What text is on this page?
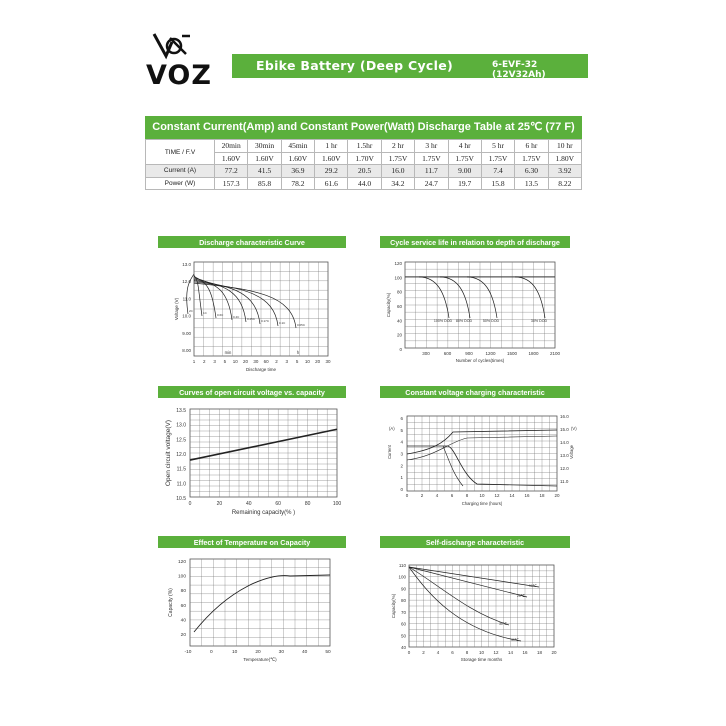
VOZ	Ebike Battery (Deep Cycle)	6-EVF-32 (12V32Ah)
Constant Current(Amp) and Constant Power(Watt) Discharge Table at 25℃ (77 F)
TIME / F.V	20min	30min	45min	1 hr	1.5hr	2 hr	3 hr	4 hr	5 hr	6 hr	10 hr
	1.60V	1.60V	1.60V	1.60V	1.70V	1.75V	1.75V	1.75V	1.75V	1.75V	1.80V
Current (A)	77.2	41.5	36.9	29.2	20.5	16.0	11.7	9.00	7.4	6.30	3.92
Power (W)	157.3	85.8	78.2	61.6	44.0	34.2	24.7	19.7	15.8	13.5	8.22
Discharge characteristic Curve
13.0
12.0
11.0
10.0
9.00
8.00
Voltage (V)
1 2 3 5 10 20 30 60 2 3 5 10 20 30
min	h
Discharge time
2C	1C	0.6C	0.4C	0.25C 0.17C	0.1C	0.05C
Cycle service life in relation to depth of discharge
120
100
80
60
40
20
0
Capacity(%)
300	600	900	1200	1500	1800	2100
Number of cycles(times)
100% DOD 80% DOD	50% DOD	30% DOD
Curves of open circuit voltage vs. capacity
13.5
13.0
12.5
12.0
11.5
11.0
10.5
Open circuit voltage(V)
0	20	40	60	80	100
Remaining capacity(% )
Constant voltage charging characteristic
6
5
4
3
2
1
0
16.0
15.0
14.0
13.0
12.0
11.0
(A)
Current
(V)
Voltage
0	2	4	6	8 10 12 14 16 18 20
Charging time (hours)
Effect of Temperature on Capacity
120
100
80
60
40
20
Capacity (%)
-10	0	10	20	30	40	50
Temperature(℃)
Self-discharge characteristic
110
100
90
80
70
60
50
40
Capacity(%)
0	2	4	6	8 10 12 14 16 18 20
Storage time months
10℃
20℃
30℃
40℃
